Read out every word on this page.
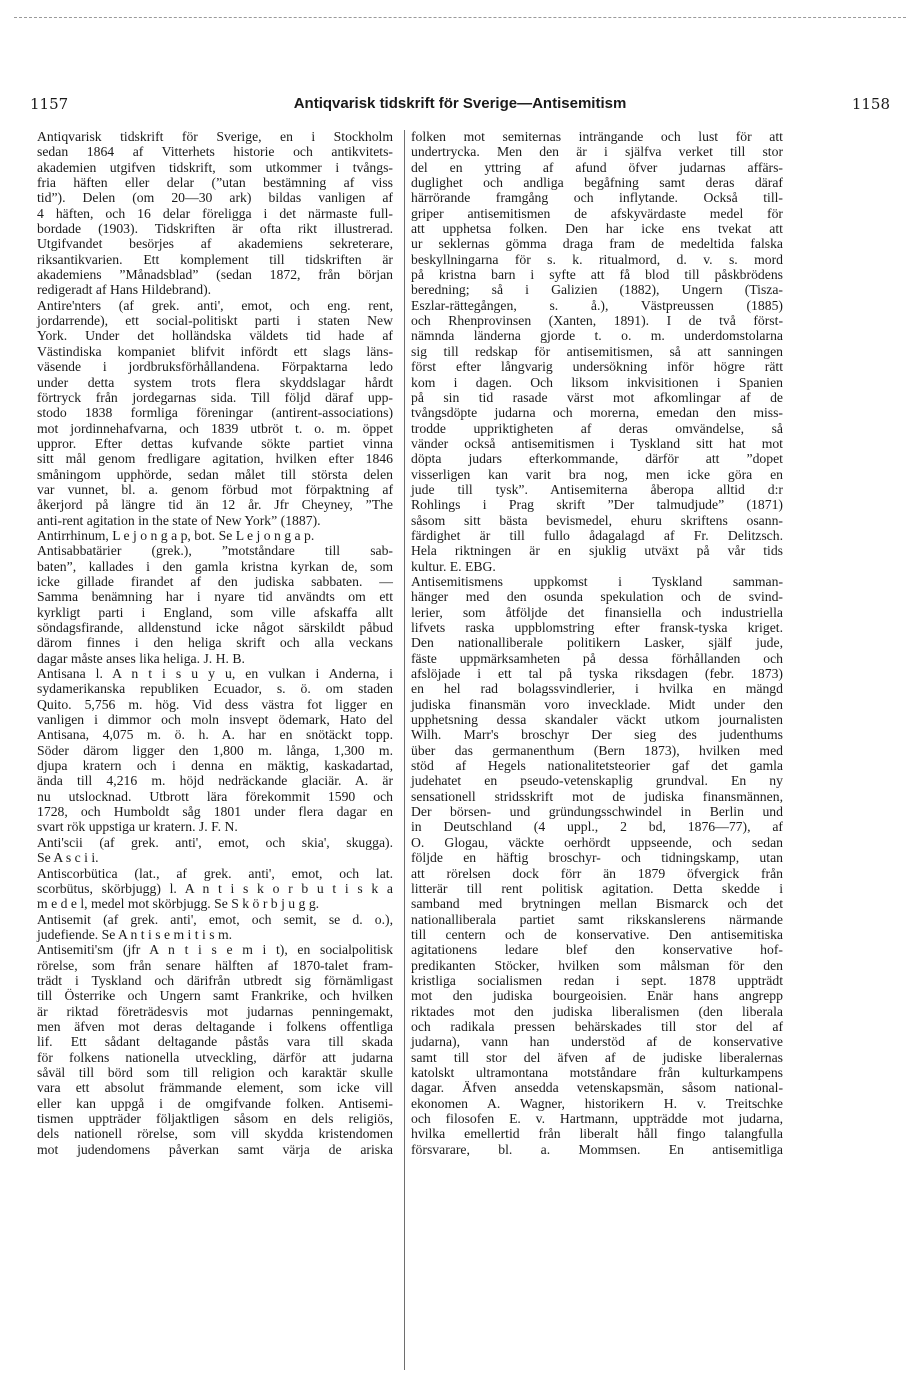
1157	Antiqvarisk tidskrift för Sverige—Antisemitism	1158
Antiqvarisk tidskrift för Sverige, en i Stockholm
sedan 1864 af Vitterhets historie och antikvitets-
akademien utgifven tidskrift, som utkommer i tvångs-
fria häften eller delar (”utan bestämning af viss
tid”). Delen (om 20—30 ark) bildas vanligen af
4 häften, och 16 delar föreligga i det närmaste full-
bordade (1903). Tidskriften är ofta rikt illustrerad.
Utgifvandet besörjes af akademiens sekreterare,
riksantikvarien. Ett komplement till tidskriften är
akademiens ”Månadsblad” (sedan 1872, från början
redigeradt af Hans Hildebrand).
Antire'nters (af grek. anti', emot, och eng. rent,
jordarrende), ett social-politiskt parti i staten New
York. Under det holländska väldets tid hade af
Västindiska kompaniet blifvit infördt ett slags läns-
väsende i jordbruksförhållandena. Förpaktarna ledo
under detta system trots flera skyddslagar hårdt
förtryck från jordegarnas sida. Till följd däraf upp-
stodo 1838 formliga föreningar (antirent-associations)
mot jordinnehafvarna, och 1839 utbröt t. o. m. öppet
uppror. Efter dettas kufvande sökte partiet vinna
sitt mål genom fredligare agitation, hvilken efter 1846
småningom upphörde, sedan målet till största delen
var vunnet, bl. a. genom förbud mot förpaktning af
åkerjord på längre tid än 12 år. Jfr Cheyney, ”The
anti-rent agitation in the state of New York” (1887).
Antirrhinum, L e j o n g a p, bot. Se L e j o n g a p.
Antisabbatärier (grek.), ”motståndare till sab-
baten”, kallades i den gamla kristna kyrkan de, som
icke gillade firandet af den judiska sabbaten. —
Samma benämning har i nyare tid användts om ett
kyrkligt parti i England, som ville afskaffa allt
söndagsfirande, alldenstund icke något särskildt påbud
därom finnes i den heliga skrift och alla veckans
dagar måste anses lika heliga. J. H. B.
Antisana l. A n t i s u y u, en vulkan i Anderna, i
sydamerikanska republiken Ecuador, s. ö. om staden
Quito. 5,756 m. hög. Vid dess västra fot ligger en
vanligen i dimmor och moln insvept ödemark, Hato del
Antisana, 4,075 m. ö. h. A. har en snötäckt topp.
Söder därom ligger den 1,800 m. långa, 1,300 m.
djupa kratern och i denna en mäktig, kaskadartad,
ända till 4,216 m. höjd nedräckande glaciär. A. är
nu utslocknad. Utbrott lära förekommit 1590 och
1728, och Humboldt såg 1801 under flera dagar en
svart rök uppstiga ur kratern. J. F. N.
Anti'scii (af grek. anti', emot, och skia', skugga).
Se A s c i i.
Antiscorbütica (lat., af grek. anti', emot, och lat.
scorbütus, skörbjugg) l. A n t i s k o r b u t i s k a
m e d e l, medel mot skörbjugg. Se S k ö r b j u g g.
Antisemit (af grek. anti', emot, och semit, se d. o.),
judefiende. Se A n t i s e m i t i s m.
Antisemiti'sm (jfr A n t i s e m i t), en socialpolitisk
rörelse, som från senare hälften af 1870-talet fram-
trädt i Tyskland och därifrån utbredt sig förnämligast
till Österrike och Ungern samt Frankrike, och hvilken
är riktad företrädesvis mot judarnas penningemakt,
men äfven mot deras deltagande i folkens offentliga
lif. Ett sådant deltagande påstås vara till skada
för folkens nationella utveckling, därför att judarna
såväl till börd som till religion och karaktär skulle
vara ett absolut främmande element, som icke vill
eller kan uppgå i de omgifvande folken. Antisemi-
tismen uppträder följaktligen såsom en dels religiös,
dels nationell rörelse, som vill skydda kristendomen
mot judendomens påverkan samt värja de ariska
folken mot semiternas inträngande och lust för att
undertrycka. Men den är i själfva verket till stor
del en yttring af afund öfver judarnas affärs-
duglighet och andliga begåfning samt deras däraf
härrörande framgång och inflytande. Också till-
griper antisemitismen de afskyvärdaste medel för
att upphetsa folken. Den har icke ens tvekat att
ur seklernas gömma draga fram de medeltida falska
beskyllningarna för s. k. ritualmord, d. v. s. mord
på kristna barn i syfte att få blod till påskbrödens
beredning; så i Galizien (1882), Ungern (Tisza-
Eszlar-rättegången, s. å.), Västpreussen (1885)
och Rhenprovinsen (Xanten, 1891). I de två först-
nämnda länderna gjorde t. o. m. underdomstolarna
sig till redskap för antisemitismen, så att sanningen
först efter långvarig undersökning inför högre rätt
kom i dagen. Och liksom inkvisitionen i Spanien
på sin tid rasade värst mot afkomlingar af de
tvångsdöpte judarna och morerna, emedan den miss-
trodde uppriktigheten af deras omvändelse, så
vänder också antisemitismen i Tyskland sitt hat mot
döpta judars efterkommande, därför att ”dopet
visserligen kan varit bra nog, men icke göra en
jude till tysk”. Antisemiterna åberopa alltid d:r
Rohlings i Prag skrift ”Der talmudjude” (1871)
såsom sitt bästa bevismedel, ehuru skriftens osann-
färdighet är till fullo ådagalagd af Fr. Delitzsch.
Hela riktningen är en sjuklig utväxt på vår tids
kultur. E. EBG.
Antisemitismens uppkomst i Tyskland samman-
hänger med den osunda spekulation och de svind-
lerier, som åtföljde det finansiella och industriella
lifvets raska uppblomstring efter fransk-tyska kriget.
Den nationalliberale politikern Lasker, själf jude,
fäste uppmärksamheten på dessa förhållanden och
afslöjade i ett tal på tyska riksdagen (febr. 1873)
en hel rad bolagssvindlerier, i hvilka en mängd
judiska finansmän voro invecklade. Midt under den
upphetsning dessa skandaler väckt utkom journalisten
Wilh. Marr's broschyr Der sieg des judenthums
über das germanenthum (Bern 1873), hvilken med
stöd af Hegels nationalitetsteorier gaf det gamla
judehatet en pseudo-vetenskaplig grundval. En ny
sensationell stridsskrift mot de judiska finansmännen,
Der börsen- und gründungsschwindel in Berlin und
in Deutschland (4 uppl., 2 bd, 1876—77), af
O. Glogau, väckte oerhördt uppseende, och sedan
följde en häftig broschyr- och tidningskamp, utan
att rörelsen dock förr än 1879 öfvergick från
litterär till rent politisk agitation. Detta skedde i
samband med brytningen mellan Bismarck och det
nationalliberala partiet samt rikskanslerens närmande
till centern och de konservative. Den antisemitiska
agitationens ledare blef den konservative hof-
predikanten Stöcker, hvilken som målsman för den
kristliga socialismen redan i sept. 1878 uppträdt
mot den judiska bourgeoisien. Enär hans angrepp
riktades mot den judiska liberalismen (den liberala
och radikala pressen behärskades till stor del af
judarna), vann han understöd af de konservative
samt till stor del äfven af de judiske liberalernas
katolskt ultramontana motståndare från kulturkampens
dagar. Äfven ansedda vetenskapsmän, såsom national-
ekonomen A. Wagner, historikern H. v. Treitschke
och filosofen E. v. Hartmann, uppträdde mot judarna,
hvilka emellertid från liberalt håll fingo talangfulla
försvarare, bl. a. Mommsen. En antisemitliga
